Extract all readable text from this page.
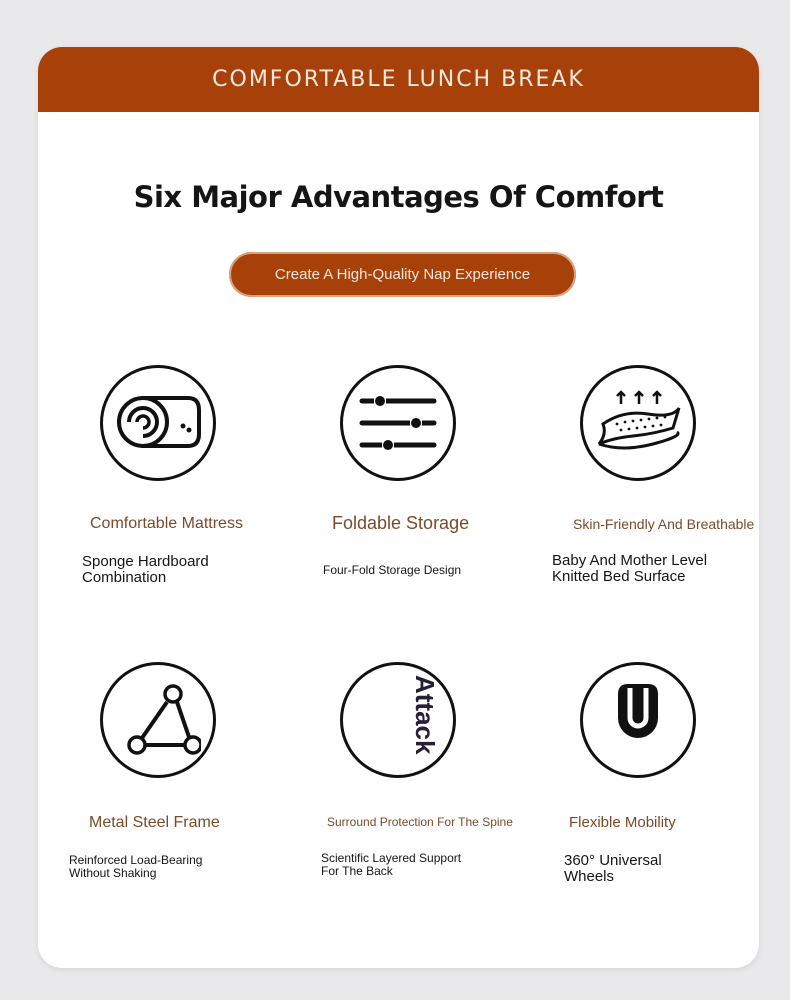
COMFORTABLE LUNCH BREAK
Six Major Advantages Of Comfort
Create A High-Quality Nap Experience
Comfortable Mattress
Sponge Hardboard
Combination
Foldable Storage
Four-Fold Storage Design
Skin-Friendly And Breathable
Baby And Mother Level
Knitted Bed Surface
Metal Steel Frame
Reinforced Load-Bearing
Without Shaking
Attack
Surround Protection For The Spine
Scientific Layered Support
For The Back
Flexible Mobility
360° Universal
Wheels
